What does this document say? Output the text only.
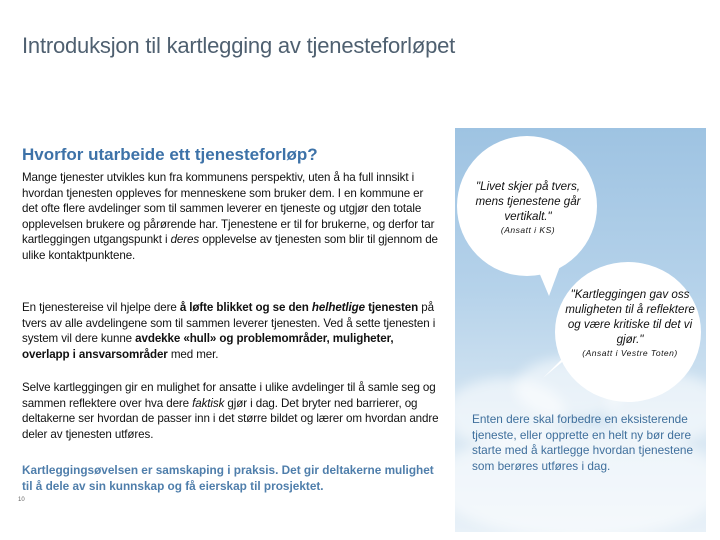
Introduksjon til kartlegging av tjenesteforløpet
Hvorfor utarbeide ett tjenesteforløp?
Mange tjenester utvikles kun fra kommunens perspektiv, uten å ha full innsikt i hvordan tjenesten oppleves for menneskene som bruker dem. I en kommune er det ofte flere avdelinger som til sammen leverer en tjeneste og utgjør den totale opplevelsen brukere og pårørende har. Tjenestene er til for brukerne, og derfor tar kartleggingen utgangspunkt i deres opplevelse av tjenesten som blir til gjennom de ulike kontaktpunktene.
En tjenestereise vil hjelpe dere å løfte blikket og se den helhetlige tjenesten på tvers av alle avdelingene som til sammen leverer tjenesten. Ved å sette tjenesten i system vil dere kunne avdekke «hull» og problemområder, muligheter, overlapp i ansvarsområder med mer.
Selve kartleggingen gir en mulighet for ansatte i ulike avdelinger til å samle seg og sammen reflektere over hva dere faktisk gjør i dag. Det bryter ned barrierer, og deltakerne ser hvordan de passer inn i det større bildet og lærer om hvordan andre deler av tjenesten utføres.
Kartleggingsøvelsen er samskaping i praksis. Det gir deltakerne mulighet til å dele av sin kunnskap og få eierskap til prosjektet.
10
"Livet skjer på tvers, mens tjenestene går vertikalt."
(Ansatt i KS)
"Kartleggingen gav oss muligheten til å reflektere og være kritiske til det vi gjør."
(Ansatt i Vestre Toten)
Enten dere skal forbedre en eksisterende tjeneste, eller opprette en helt ny bør dere starte med å kartlegge hvordan tjenestene som berøres utføres i dag.
